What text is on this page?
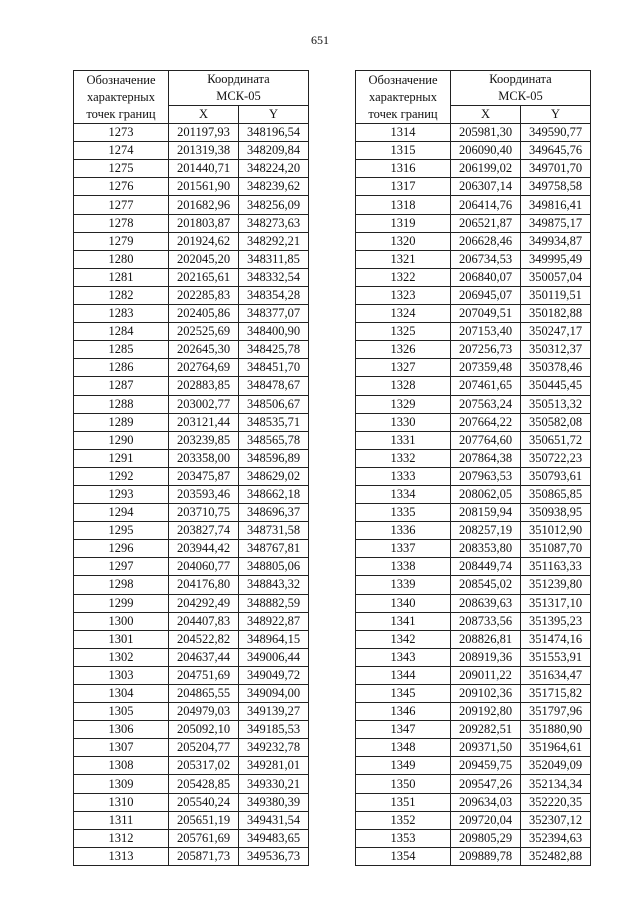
651
Обозначение
характерных
точек границ	Координата
МСК-05	
	X	Y
1273	201197,93	348196,54
1274	201319,38	348209,84
1275	201440,71	348224,20
1276	201561,90	348239,62
1277	201682,96	348256,09
1278	201803,87	348273,63
1279	201924,62	348292,21
1280	202045,20	348311,85
1281	202165,61	348332,54
1282	202285,83	348354,28
1283	202405,86	348377,07
1284	202525,69	348400,90
1285	202645,30	348425,78
1286	202764,69	348451,70
1287	202883,85	348478,67
1288	203002,77	348506,67
1289	203121,44	348535,71
1290	203239,85	348565,78
1291	203358,00	348596,89
1292	203475,87	348629,02
1293	203593,46	348662,18
1294	203710,75	348696,37
1295	203827,74	348731,58
1296	203944,42	348767,81
1297	204060,77	348805,06
1298	204176,80	348843,32
1299	204292,49	348882,59
1300	204407,83	348922,87
1301	204522,82	348964,15
1302	204637,44	349006,44
1303	204751,69	349049,72
1304	204865,55	349094,00
1305	204979,03	349139,27
1306	205092,10	349185,53
1307	205204,77	349232,78
1308	205317,02	349281,01
1309	205428,85	349330,21
1310	205540,24	349380,39
1311	205651,19	349431,54
1312	205761,69	349483,65
1313	205871,73	349536,73
Обозначение
характерных
точек границ	Координата
МСК-05	
	X	Y
1314	205981,30	349590,77
1315	206090,40	349645,76
1316	206199,02	349701,70
1317	206307,14	349758,58
1318	206414,76	349816,41
1319	206521,87	349875,17
1320	206628,46	349934,87
1321	206734,53	349995,49
1322	206840,07	350057,04
1323	206945,07	350119,51
1324	207049,51	350182,88
1325	207153,40	350247,17
1326	207256,73	350312,37
1327	207359,48	350378,46
1328	207461,65	350445,45
1329	207563,24	350513,32
1330	207664,22	350582,08
1331	207764,60	350651,72
1332	207864,38	350722,23
1333	207963,53	350793,61
1334	208062,05	350865,85
1335	208159,94	350938,95
1336	208257,19	351012,90
1337	208353,80	351087,70
1338	208449,74	351163,33
1339	208545,02	351239,80
1340	208639,63	351317,10
1341	208733,56	351395,23
1342	208826,81	351474,16
1343	208919,36	351553,91
1344	209011,22	351634,47
1345	209102,36	351715,82
1346	209192,80	351797,96
1347	209282,51	351880,90
1348	209371,50	351964,61
1349	209459,75	352049,09
1350	209547,26	352134,34
1351	209634,03	352220,35
1352	209720,04	352307,12
1353	209805,29	352394,63
1354	209889,78	352482,88
